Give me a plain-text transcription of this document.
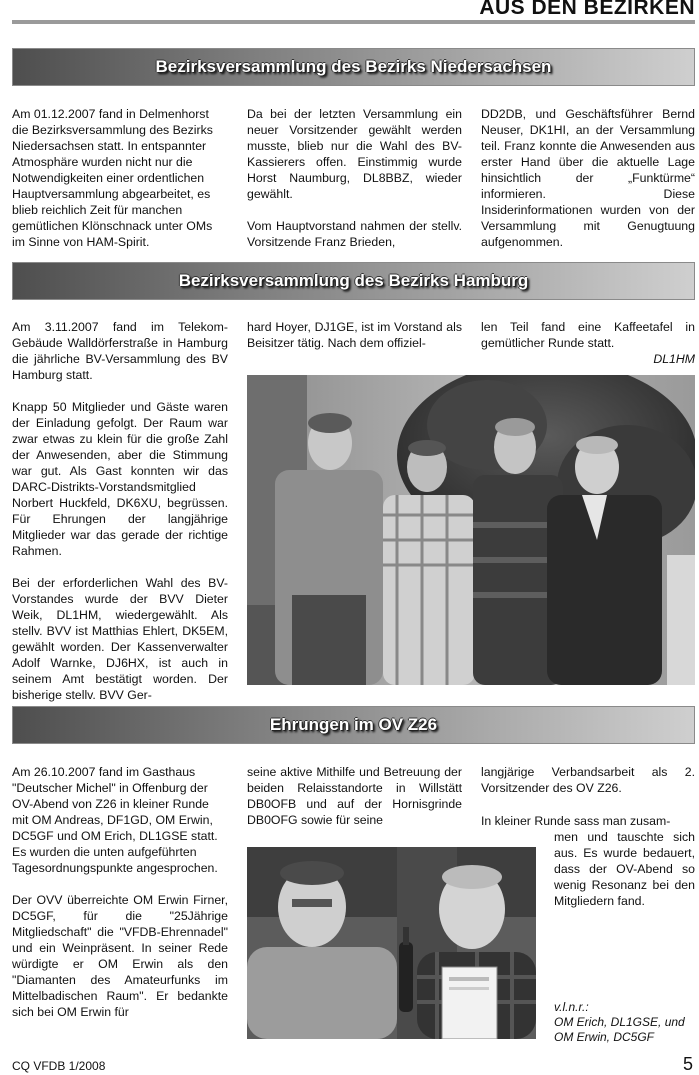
AUS DEN BEZIRKEN
Bezirksversammlung des Bezirks Niedersachsen

Am 01.12.2007 fand in Delmenhorst die Bezirksversammlung des Bezirks Niedersachsen statt. In entspannter Atmosphäre wurden nicht nur die Notwendigkeiten einer ordentlichen Hauptversammlung abgearbeitet, es blieb reichlich Zeit für manchen gemütlichen Klönschnack unter OMs im Sinne von HAM-Spirit.

Da bei der letzten Versammlung ein neuer Vorsitzender gewählt werden musste, blieb nur die Wahl des BV-Kassierers offen. Einstimmig wurde Horst Naumburg, DL8BBZ, wieder gewählt.

Vom Hauptvorstand nahmen der stellv. Vorsitzende Franz Brieden,

DD2DB, und Geschäftsführer Bernd Neuser, DK1HI, an der Versammlung teil. Franz konnte die Anwesenden aus erster Hand über die aktuelle Lage hinsichtlich der „Funktürme“ informieren. Diese Insiderinformationen wurden von der Versammlung mit Genugtuung aufgenommen.

Bezirksversammlung des Bezirks Hamburg

Am 3.11.2007 fand im Telekom-Gebäude Walldörferstraße in Hamburg die jährliche BV-Versammlung des BV Hamburg statt.

Knapp 50 Mitglieder und Gäste waren der Einladung gefolgt. Der Raum war zwar etwas zu klein für die große Zahl der Anwesenden, aber die Stimmung war gut. Als Gast konnten wir das DARC-Distrikts-Vorstandsmitglied Norbert Huckfeld, DK6XU, begrüssen. Für Ehrungen der langjährige Mitglieder war das gerade der richtige Rahmen.

Bei der erforderlichen Wahl des BV-Vorstandes wurde der BVV Dieter Weik, DL1HM, wiedergewählt. Als stellv. BVV ist Matthias Ehlert, DK5EM, gewählt worden. Der Kassenverwalter Adolf Warnke, DJ6HX, ist auch in seinem Amt bestätigt worden. Der bisherige stellv. BVV Ger-

hard Hoyer, DJ1GE, ist im Vorstand als Beisitzer tätig. Nach dem offiziel-

len Teil fand eine Kaffeetafel in gemütlicher Runde statt.

DL1HM
Ehrungen im OV Z26

Am 26.10.2007 fand im Gasthaus "Deutscher Michel" in Offenburg der OV-Abend von Z26 in kleiner Runde mit OM Andreas, DF1GD, OM Erwin, DC5GF und OM Erich, DL1GSE statt. Es wurden die unten aufgeführten Tagesordnungspunkte angesprochen.

Der OVV überreichte OM Erwin Firner, DC5GF, für die "25Jährige Mitgliedschaft" die "VFDB-Ehrennadel" und ein Weinpräsent. In seiner Rede würdigte er OM Erwin als den "Diamanten des Amateurfunks im Mittelbadischen Raum". Er bedankte sich bei OM Erwin für

seine aktive Mithilfe und Betreuung der beiden Relaisstandorte in Willstätt DB0OFB und auf der Hornisgrinde DB0OFG sowie für seine

langjärige Verbandsarbeit als 2. Vorsitzender des OV Z26.

In kleiner Runde sass man zusam-
men und tauschte sich aus. Es wurde bedauert, dass der OV-Abend so wenig Resonanz bei den Mitgliedern fand.
v.l.n.r.:
OM Erich, DL1GSE, und
OM Erwin, DC5GF
CQ VFDB 1/2008	5
